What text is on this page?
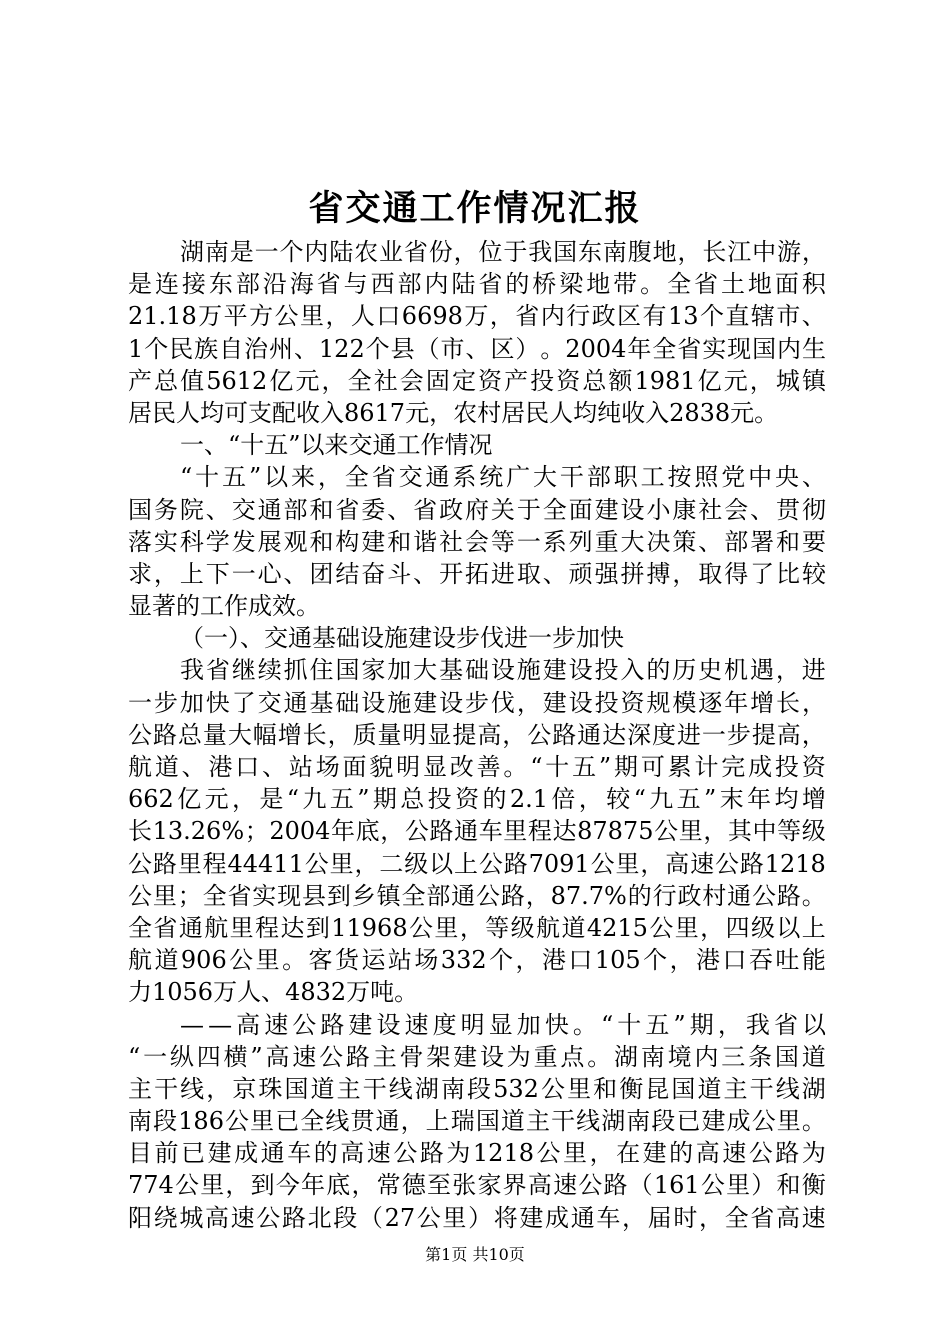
省交通工作情况汇报
湖 南 是 一 个 内 陆 农 业 省 份 ， 位 于 我 国 东 南 腹 地 ， 长 江 中 游 ，
是 连 接 东 部 沿 海 省 与 西 部 内 陆 省 的 桥 梁 地 带 。 全 省 土 地 面 积
21.18 万 平 方 公 里 ， 人 口 6698 万 ， 省 内 行 政 区 有 13 个 直 辖 市 、
1 个 民 族 自 治 州 、 122 个 县 （ 市 、 区 ） 。 2004 年 全 省 实 现 国 内 生
产 总 值 5612 亿 元 ， 全 社 会 固 定 资 产 投 资 总 额 1981 亿 元 ， 城 镇
居民人均可支配收入8617元，农村居民人均纯收入2838元。
一、“十五”以来交通工作情况
“ 十 五 ” 以 来 ， 全 省 交 通 系 统 广 大 干 部 职 工 按 照 党 中 央 、
国 务 院 、 交 通 部 和 省 委 、 省 政 府 关 于 全 面 建 设 小 康 社 会 、 贯 彻
落 实 科 学 发 展 观 和 构 建 和 谐 社 会 等 一 系 列 重 大 决 策 、 部 署 和 要
求 ， 上 下 一 心 、 团 结 奋 斗 、 开 拓 进 取 、 顽 强 拼 搏 ， 取 得 了 比 较
显著的工作成效。
（一）、交通基础设施建设步伐进一步加快
我 省 继 续 抓 住 国 家 加 大 基 础 设 施 建 设 投 入 的 历 史 机 遇 ， 进
一 步 加 快 了 交 通 基 础 设 施 建 设 步 伐 ， 建 设 投 资 规 模 逐 年 增 长 ，
公 路 总 量 大 幅 增 长 ， 质 量 明 显 提 高 ， 公 路 通 达 深 度 进 一 步 提 高 ，
航 道 、 港 口 、 站 场 面 貌 明 显 改 善 。 “ 十 五 ” 期 可 累 计 完 成 投 资
662 亿 元 ， 是 “ 九 五 ” 期 总 投 资 的 2.1 倍 ， 较 “ 九 五 ” 末 年 均 增
长 13.26% ； 2004 年 底 ， 公 路 通 车 里 程 达 87875 公 里 ， 其 中 等 级
公 路 里 程 44411 公 里 ， 二 级 以 上 公 路 7091 公 里 ， 高 速 公 路 1218
公 里 ； 全 省 实 现 县 到 乡 镇 全 部 通 公 路 ， 87.7% 的 行 政 村 通 公 路 。
全 省 通 航 里 程 达 到 11968 公 里 ， 等 级 航 道 4215 公 里 ， 四 级 以 上
航 道 906 公 里 。 客 货 运 站 场 332 个 ， 港 口 105 个 ， 港 口 吞 吐 能
力1056万人、4832万吨。
— — 高 速 公 路 建 设 速 度 明 显 加 快 。 “ 十 五 ” 期 ， 我 省 以
“ 一 纵 四 横 ” 高 速 公 路 主 骨 架 建 设 为 重 点 。 湖 南 境 内 三 条 国 道
主 干 线 ， 京 珠 国 道 主 干 线 湖 南 段 532 公 里 和 衡 昆 国 道 主 干 线 湖
南 段 186 公 里 已 全 线 贯 通 ， 上 瑞 国 道 主 干 线 湖 南 段 已 建 成 公 里 。
目 前 已 建 成 通 车 的 高 速 公 路 为 1218 公 里 ， 在 建 的 高 速 公 路 为
774 公 里 ， 到 今 年 底 ， 常 德 至 张 家 界 高 速 公 路 （ 161 公 里 ） 和 衡
阳 绕 城 高 速 公 路 北 段 （ 27 公 里 ） 将 建 成 通 车 ， 届 时 ， 全 省 高 速
第1页 共10页
